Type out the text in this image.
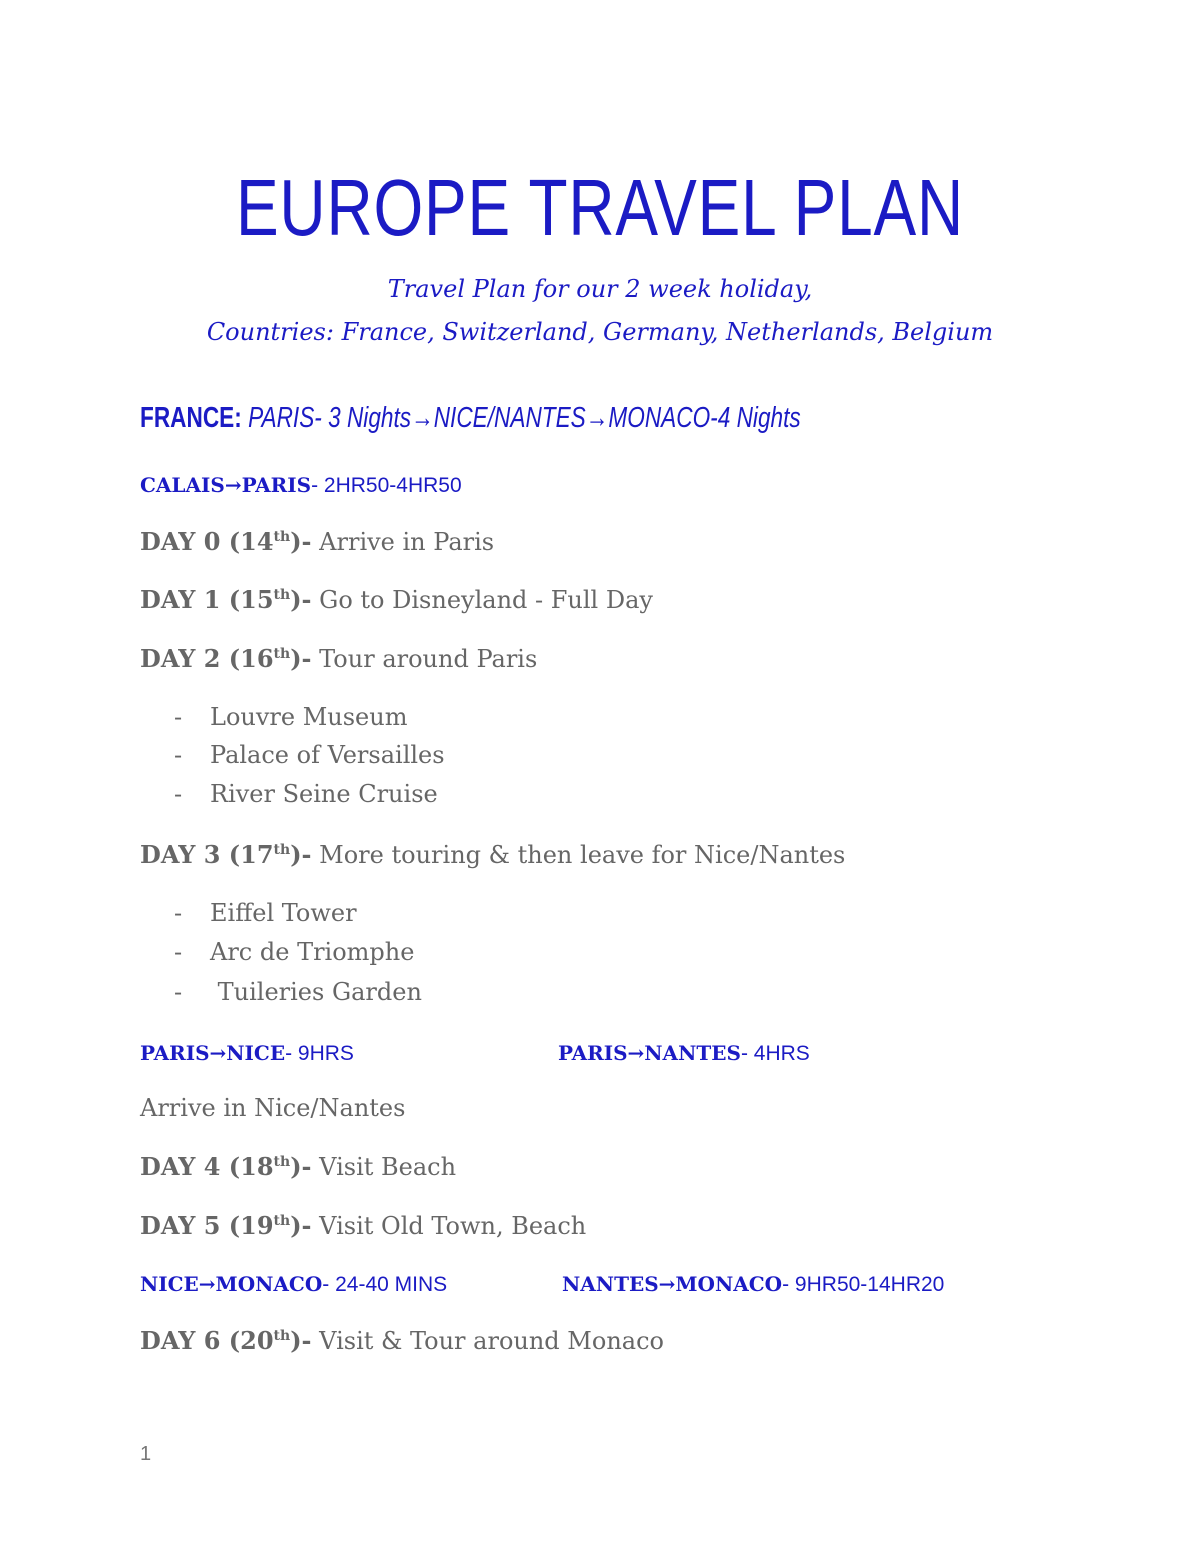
EUROPE TRAVEL PLAN
Travel Plan for our 2 week holiday,
Countries: France, Switzerland, Germany, Netherlands, Belgium
FRANCE: PARIS- 3 Nights→NICE/NANTES→MONACO-4 Nights
CALAIS→PARIS- 2HR50-4HR50
DAY 0 (14th)- Arrive in Paris
DAY 1 (15th)- Go to Disneyland - Full Day
DAY 2 (16th)- Tour around Paris
- Louvre Museum
- Palace of Versailles
- River Seine Cruise
DAY 3 (17th)- More touring & then leave for Nice/Nantes
- Eiffel Tower
- Arc de Triomphe
- Tuileries Garden
PARIS→NICE- 9HRS	PARIS→NANTES- 4HRS
Arrive in Nice/Nantes
DAY 4 (18th)- Visit Beach
DAY 5 (19th)- Visit Old Town, Beach
NICE→MONACO- 24-40 MINS	NANTES→MONACO- 9HR50-14HR20
DAY 6 (20th)- Visit & Tour around Monaco
1
